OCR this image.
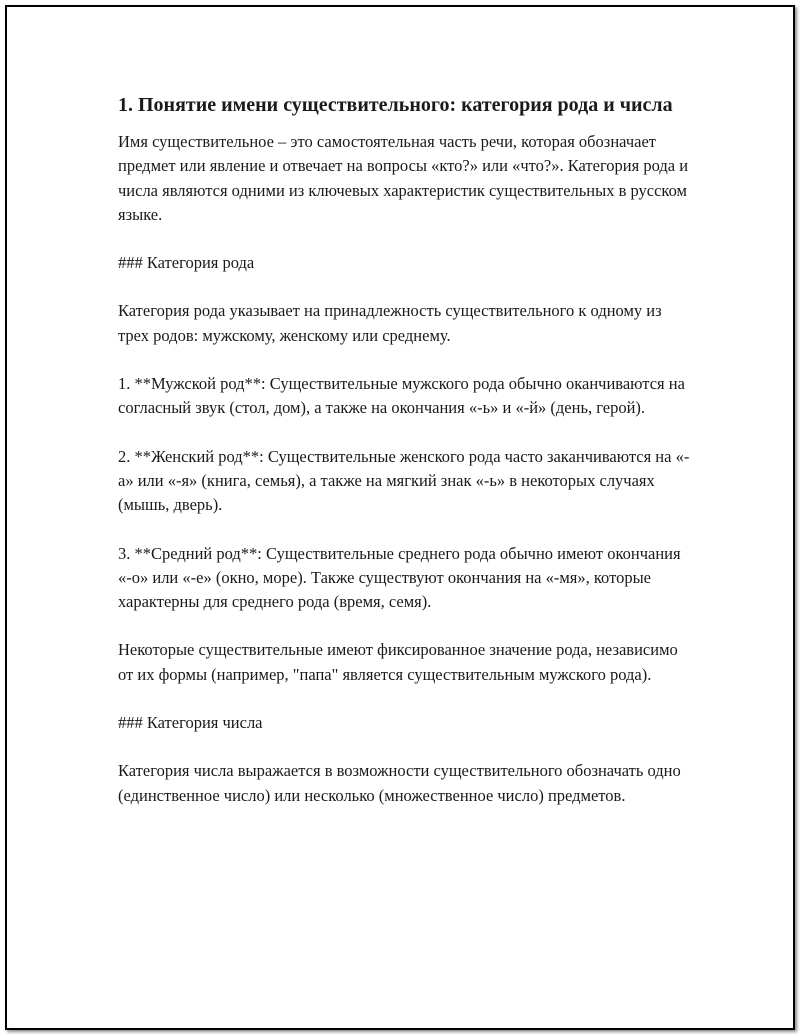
1. Понятие имени существительного: категория рода и числа

Имя существительное – это самостоятельная часть речи, которая обозначает предмет или явление и отвечает на вопросы «кто?» или «что?». Категория рода и числа являются одними из ключевых характеристик существительных в русском языке.

### Категория рода

Категория рода указывает на принадлежность существительного к одному из трех родов: мужскому, женскому или среднему.

1. **Мужской род**: Существительные мужского рода обычно оканчиваются на согласный звук (стол, дом), а также на окончания «-ь» и «-й» (день, герой).

2. **Женский род**: Существительные женского рода часто заканчиваются на «-а» или «-я» (книга, семья), а также на мягкий знак «-ь» в некоторых случаях (мышь, дверь).

3. **Средний род**: Существительные среднего рода обычно имеют окончания «-о» или «-е» (окно, море). Также существуют окончания на «-мя», которые характерны для среднего рода (время, семя).

Некоторые существительные имеют фиксированное значение рода, независимо от их формы (например, "папа" является существительным мужского рода).

### Категория числа

Категория числа выражается в возможности существительного обозначать одно (единственное число) или несколько (множественное число) предметов.
